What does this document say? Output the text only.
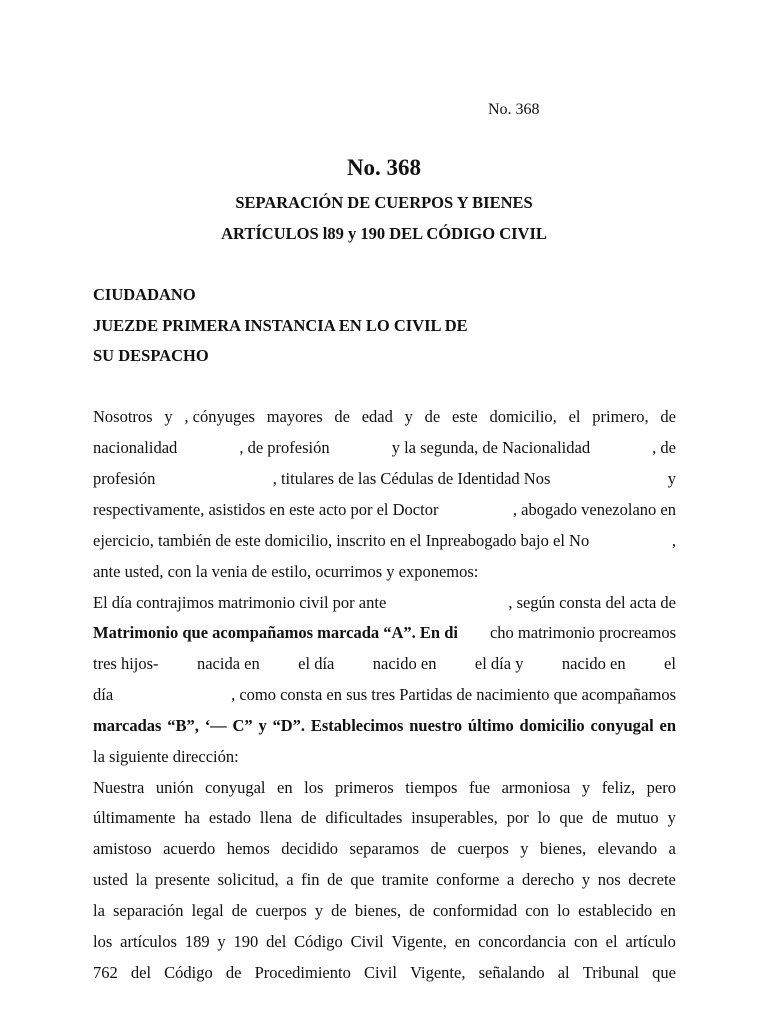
No. 368
No. 368
SEPARACIÓN DE CUERPOS Y BIENES
ARTÍCULOS l89 y 190 DEL CÓDIGO CIVIL
CIUDADANO
JUEZDE PRIMERA INSTANCIA EN LO CIVIL DE
SU DESPACHO
Nosotros y , cónyuges mayores de edad y de este domicilio, el primero, de
nacionalidad	, de profesión	y la segunda, de Nacionalidad	, de
profesión	, titulares de las Cédulas de Identidad Nos	y
respectivamente, asistidos en este acto por el Doctor	, abogado venezolano en
ejercicio, también de este domicilio, inscrito en el Inpreabogado bajo el No	,
ante usted, con la venia de estilo, ocurrimos y exponemos:
El día contrajimos matrimonio civil por ante	, según consta del acta de
Matrimonio que acompañamos marcada “A”. En di cho matrimonio procreamos
tres hijos- nacida en el día nacido en el día y nacido en el
día	, como consta en sus tres Partidas de nacimiento que acompañamos
marcadas “B”, ‘— C” y “D”. Establecimos nuestro último domicilio conyugal en
la siguiente dirección:
Nuestra unión conyugal en los primeros tiempos fue armoniosa y feliz, pero
últimamente ha estado llena de dificultades insuperables, por lo que de mutuo y
amistoso acuerdo hemos decidido separamos de cuerpos y bienes, elevando a
usted la presente solicitud, a fin de que tramite conforme a derecho y nos decrete
la separación legal de cuerpos y de bienes, de conformidad con lo establecido en
los artículos 189 y 190 del Código Civil Vigente, en concordancia con el artículo
762 del Código de Procedimiento Civil Vigente, señalando al Tribunal que
